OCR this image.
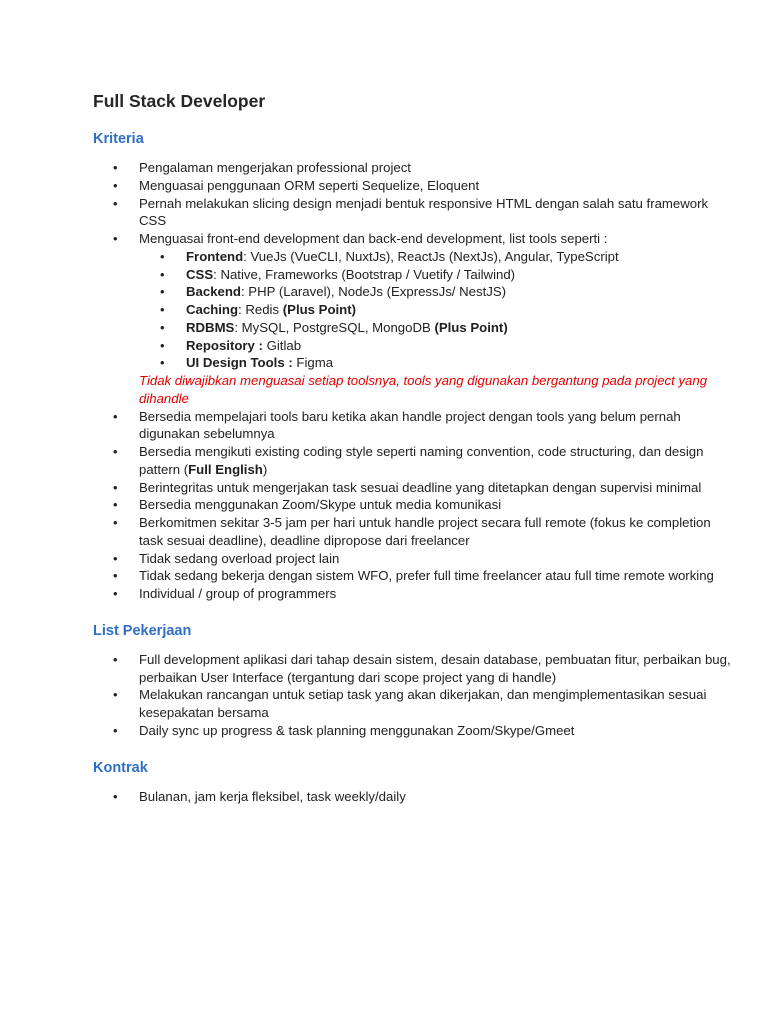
Full Stack Developer
Kriteria
• Pengalaman mengerjakan professional project
• Menguasai penggunaan ORM seperti Sequelize, Eloquent
• Pernah melakukan slicing design menjadi bentuk responsive HTML dengan salah satu framework CSS
• Menguasai front-end development dan back-end development, list tools seperti :
• Frontend: VueJs (VueCLI, NuxtJs), ReactJs (NextJs), Angular, TypeScript
• CSS: Native, Frameworks (Bootstrap / Vuetify / Tailwind)
• Backend: PHP (Laravel), NodeJs (ExpressJs/ NestJS)
• Caching: Redis (Plus Point)
• RDBMS: MySQL, PostgreSQL, MongoDB (Plus Point)
• Repository : Gitlab
• UI Design Tools : Figma
Tidak diwajibkan menguasai setiap toolsnya, tools yang digunakan bergantung pada project yang dihandle
• Bersedia mempelajari tools baru ketika akan handle project dengan tools yang belum pernah digunakan sebelumnya
• Bersedia mengikuti existing coding style seperti naming convention, code structuring, dan design pattern (Full English)
• Berintegritas untuk mengerjakan task sesuai deadline yang ditetapkan dengan supervisi minimal
• Bersedia menggunakan Zoom/Skype untuk media komunikasi
• Berkomitmen sekitar 3-5 jam per hari untuk handle project secara full remote (fokus ke completion task sesuai deadline), deadline dipropose dari freelancer
• Tidak sedang overload project lain
• Tidak sedang bekerja dengan sistem WFO, prefer full time freelancer atau full time remote working
• Individual / group of programmers
List Pekerjaan
• Full development aplikasi dari tahap desain sistem, desain database, pembuatan fitur, perbaikan bug, perbaikan User Interface (tergantung dari scope project yang di handle)
• Melakukan rancangan untuk setiap task yang akan dikerjakan, dan mengimplementasikan sesuai kesepakatan bersama
• Daily sync up progress & task planning menggunakan Zoom/Skype/Gmeet
Kontrak
• Bulanan, jam kerja fleksibel, task weekly/daily
